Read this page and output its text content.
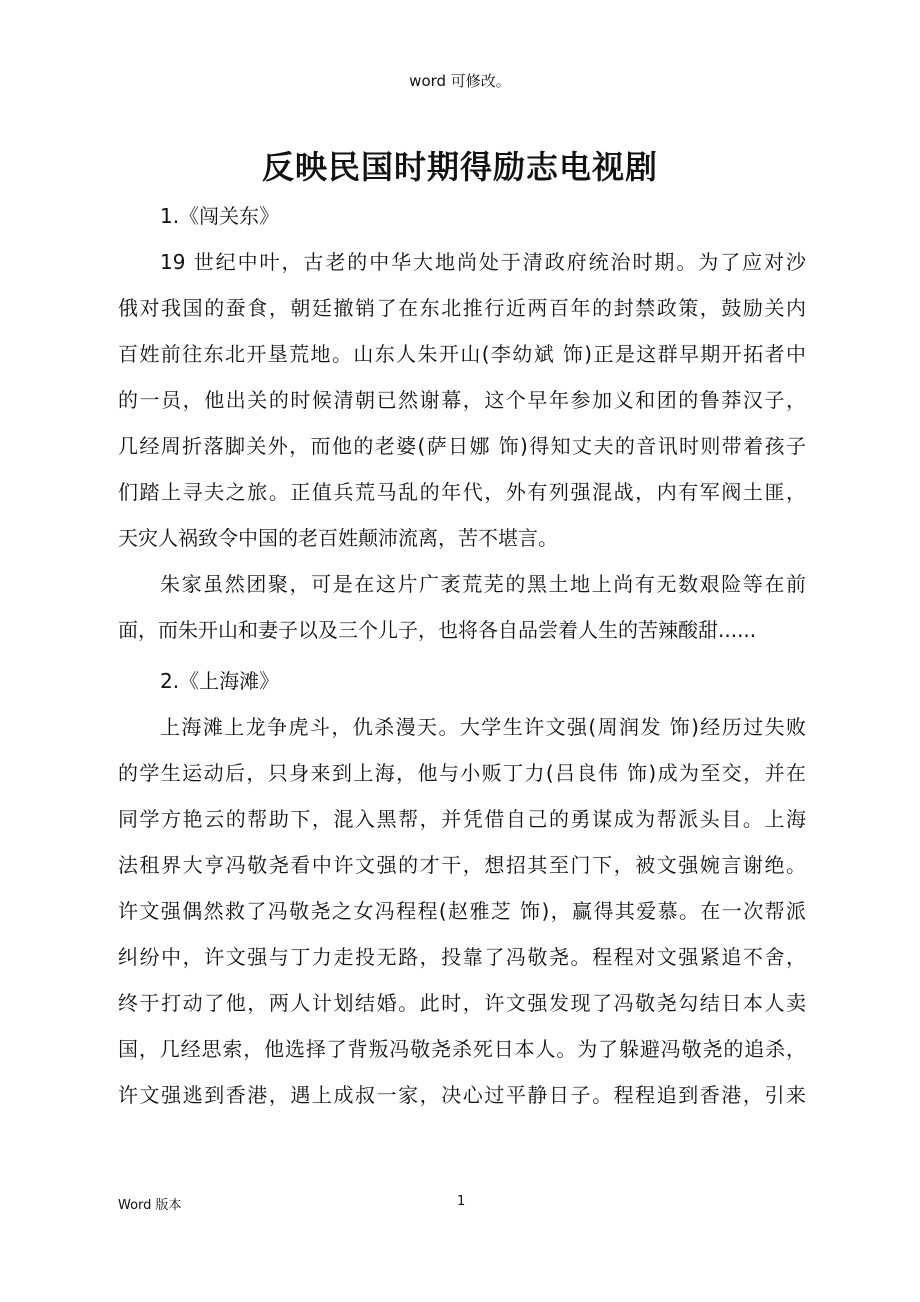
word 可修改。
反映民国时期得励志电视剧
1.《闯关东》
19 世纪中叶，古老的中华大地尚处于清政府统治时期。为了应对沙
俄对我国的蚕食，朝廷撤销了在东北推行近两百年的封禁政策，鼓励关内
百姓前往东北开垦荒地。山东人朱开山(李幼斌 饰)正是这群早期开拓者中
的一员，他出关的时候清朝已然谢幕，这个早年参加义和团的鲁莽汉子，
几经周折落脚关外，而他的老婆(萨日娜 饰)得知丈夫的音讯时则带着孩子
们踏上寻夫之旅。正值兵荒马乱的年代，外有列强混战，内有军阀土匪，
天灾人祸致令中国的老百姓颠沛流离，苦不堪言。
朱家虽然团聚，可是在这片广袤荒芜的黑土地上尚有无数艰险等在前
面，而朱开山和妻子以及三个儿子，也将各自品尝着人生的苦辣酸甜......
2.《上海滩》
上海滩上龙争虎斗，仇杀漫天。大学生许文强(周润发 饰)经历过失败
的学生运动后，只身来到上海，他与小贩丁力(吕良伟 饰)成为至交，并在
同学方艳云的帮助下，混入黑帮，并凭借自己的勇谋成为帮派头目。上海
法租界大亨冯敬尧看中许文强的才干，想招其至门下，被文强婉言谢绝。
许文强偶然救了冯敬尧之女冯程程(赵雅芝 饰)，赢得其爱慕。在一次帮派
纠纷中，许文强与丁力走投无路，投靠了冯敬尧。程程对文强紧追不舍，
终于打动了他，两人计划结婚。此时，许文强发现了冯敬尧勾结日本人卖
国，几经思索，他选择了背叛冯敬尧杀死日本人。为了躲避冯敬尧的追杀，
许文强逃到香港，遇上成叔一家，决心过平静日子。程程追到香港，引来
Word 版本	1
